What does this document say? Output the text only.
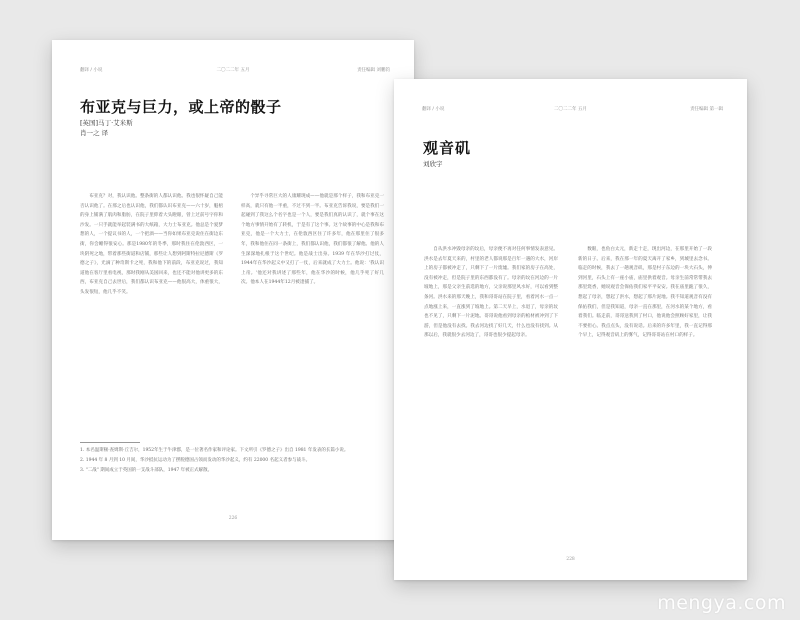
翻译 / 小说	二〇二二年 五月	责任编辑 刘鹏钧
布亚克与巨力，或上帝的骰子
[英国]马丁·艾米斯
肖一之 译

布亚克？对，我认识他。整条街的人都认识他。我也很怀疑自己能否认识他了。在那之后也认识他，我们都认识布亚克——六十岁，魁梧的身上铺满了肌肉和脂肪，在院子里仰着大头瞪眼，曾上过前号字你和沙发。一只手就能举起装满书的大纸箱，大力士布亚克。他总是个爱梦想的人，一个提议书的人，一个把酒——当你如果布亚克说住在街边东街，你会睡得很安心。那是1980年的冬季，那时我住在伦敦西区，一块阴死之地，带着那些街道和店铺，那些让人想到阿斯特拉尼德斯《罗德之子》，光滴了种奇斯卡之死，我和他下的前段，布亚克说过，我知道他在客厅里看电视，那时我刚从美国回来，也还不能对他讲更多的东西，布亚克自己去世后，我们都认识布亚克——他很高大，体重很大，头发很短，他几乎不笑。

个异乎寻常巨大的人康耀现成——他就是那个样子，我和布亚克一样高，就只有他一半重，不过不到一半。布亚克告诉我说，要是我们一起碰到了我这么个名字也是一个人，要是我们真的认识了，就个事在这个地方事情开始有了转机，于是有了这个事。这个故事的中心是我和布亚克，他是一个大力士，在伦敦西区住了许多年，他在那里住了很多年，我和他住在同一条街上，我们都认识他，我们都很了解他。他的人生深深地扎根于这个世纪。他是战士出身。1939 年在华沙打过仗，1944年在华沙起义中又打了一仗，后来就成了大力士。他说：'我认识上帝。'他还对我讲述了那些年，他在华沙的时候，他几乎死了好几次。他本人在1944年12月被逮捕了。

1. 本名温斯顿·查姆斯·丘吉尔，1952年生于牛津郡，是一位著名作家和评论家。下文所引《罗德之子》出自 1981 年发表的长篇小说。
2. 1944 年 8 月到 10 月间，华沙抵抗运动为了摆脱德国占领而发动的华沙起义，约有 22000 名起义者参与战斗。
3. "二战" 期间成立于英国的一支战斗部队，1947 年被正式解散。
226
翻译 / 小说	二〇二二年 五月	责任编辑 第一辑
观音矶
刘欣宇

自从洪水冲毁母亲的坟后，母亲便不再对任何事情发表意见。洪水是去年夏天来的，村里的老人都说那是百年一遇的大水，河岸上的房子都被冲走了，只剩下了一片废墟。我们家的房子在高处，没有被冲走，但是院子里的东西都没有了。母亲的坟在河边的一片坡地上，那是父亲生前选的地方，父亲说那里风水好，可以看到整条河。洪水来的那天晚上，我和哥哥站在院子里，看着河水一点一点地涨上来，一直涨到了坡地上。第二天早上，水退了，母亲的坟也不见了，只剩下一片泥地。哥哥说他看到母亲的棺材被冲到了下游，但是他没有去找。我去河边找了好几天，什么也没有找到。从那以后，我就很少去河边了，哥哥也很少提起母亲。

数眼，也鱼白太元，新走十走，现出河边，在那里开始了一段新的日子。后来，我在那一年的夏天离开了家乡，到城里去念书。临走的时候，我去了一趟观音矶，那是村子东边的一块大石头，伸到河里，石头上有一座小庙，庙里供着观音。母亲生前常常带我去那里烧香，她说观音会保佑我们家平平安安。我在庙里跪了很久，想起了母亲，想起了洪水，想起了那片泥地。我不知道观音有没有保佑我们，但是我知道，母亲一直在那里，在河水的某个地方，看着我们。临走前，哥哥送我到了村口，他说他会照顾好家里，让我不要担心。我点点头，没有说话。后来的许多年里，我一直记得那个早上，记得观音矶上的雾气，记得哥哥站在村口的样子。

228
mengya.com
